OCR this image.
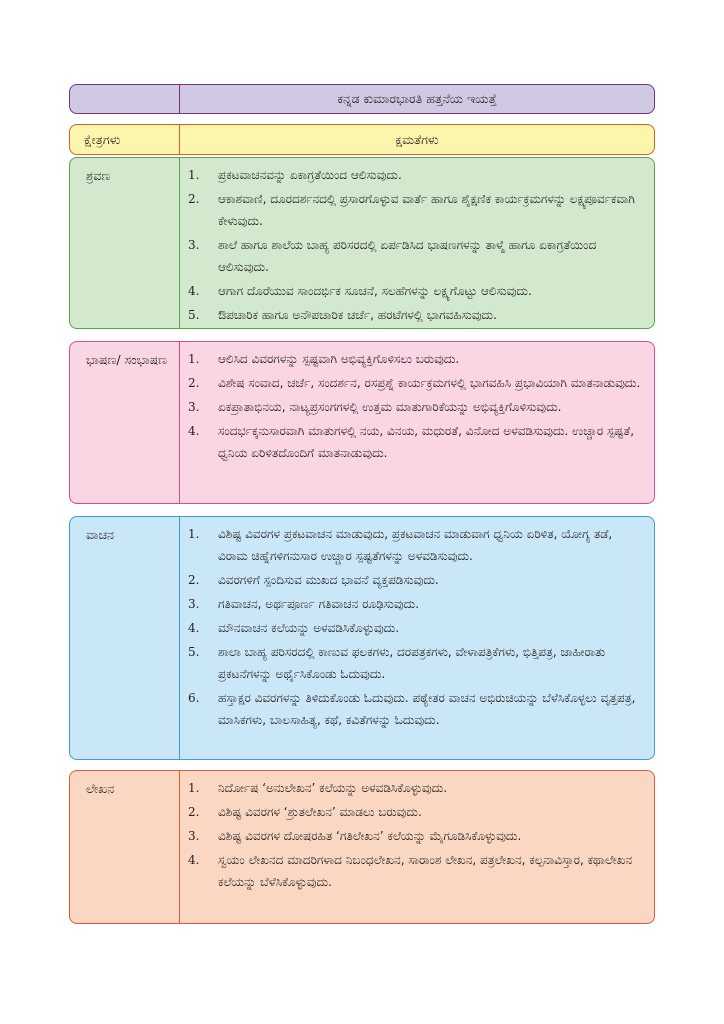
ಕನ್ನಡ ಕುಮಾರಭಾರತಿ ಹತ್ತನೆಯ ಇಯತ್ತೆ
ಕ್ಷೇತ್ರಗಳು	ಕ್ಷಮತೆಗಳು
ಶ್ರವಣ	1.	ಪ್ರಕಟವಾಚನವನ್ನು ಏಕಾಗ್ರತೆಯಿಂದ ಆಲಿಸುವುದು.
2.	ಆಕಾಶವಾಣಿ, ದೂರದರ್ಶನದಲ್ಲಿ ಪ್ರಸಾರಗೊಳ್ಳುವ ವಾರ್ತೆ ಹಾಗೂ ಶೈಕ್ಷಣಿಕ ಕಾರ್ಯಕ್ರಮಗಳನ್ನು ಲಕ್ಷ್ಯಪೂರ್ವಕವಾಗಿ ಕೇಳುವುದು.
3.	ಶಾಲೆ ಹಾಗೂ ಶಾಲೆಯ ಬಾಹ್ಯ ಪರಿಸರದಲ್ಲಿ ಏರ್ಪಡಿಸಿದ ಭಾಷಣಗಳನ್ನು ತಾಳ್ಮೆ ಹಾಗೂ ಏಕಾಗ್ರತೆಯಿಂದ ಆಲಿಸುವುದು.
4.	ಆಗಾಗ ದೊರೆಯುವ ಸಾಂದರ್ಭಿಕ ಸೂಚನೆ, ಸಲಹೆಗಳನ್ನು ಲಕ್ಷ್ಯಗೊಟ್ಟು ಆಲಿಸುವುದು.
5.	ಔಪಚಾರಿಕ ಹಾಗೂ ಅನೌಪಚಾರಿಕ ಚರ್ಚೆ, ಹರಟೆಗಳಲ್ಲಿ ಭಾಗವಹಿಸುವುದು.
ಭಾಷಣ/ ಸಂಭಾಷಣ	1.	ಆಲಿಸಿದ ವಿವರಗಳನ್ನು ಸ್ಪಷ್ಟವಾಗಿ ಅಭಿವ್ಯಕ್ತಿಗೊಳಿಸಲು ಬರುವುದು.
2.	ವಿಶೇಷ ಸಂವಾದ, ಚರ್ಚೆ, ಸಂದರ್ಶನ, ರಸಪ್ರಶ್ನೆ ಕಾರ್ಯಕ್ರಮಗಳಲ್ಲಿ ಭಾಗವಹಿಸಿ ಪ್ರಭಾವಿಯಾಗಿ ಮಾತನಾಡುವುದು.
3.	ಏಕಪ್ರಾತಾಭಿನಯ, ನಾಟ್ಯಪ್ರಸಂಗಗಳಲ್ಲಿ ಉತ್ತಮ ಮಾತುಗಾರಿಕೆಯನ್ನು ಅಭಿವ್ಯಕ್ತಿಗೊಳಿಸುವುದು.
4.	ಸಂದರ್ಭಕ್ಕನುಸಾರವಾಗಿ ಮಾತುಗಳಲ್ಲಿ ನಯ, ವಿನಯ, ಮಧುರತೆ, ವಿನೋದ ಅಳವಡಿಸುವುದು. ಉಚ್ಚಾರ ಸ್ಪಷ್ಟತೆ, ಧ್ವನಿಯ ಏರಿಳಿತದೊಂದಿಗೆ ಮಾತನಾಡುವುದು.
ವಾಚನ	1.	ವಿಶಿಷ್ಟ ವಿವರಗಳ ಪ್ರಕಟವಾಚನ ಮಾಡುವುದು, ಪ್ರಕಟವಾಚನ ಮಾಡುವಾಗ ಧ್ವನಿಯ ಏರಿಳಿತ, ಯೋಗ್ಯ ತಡೆ, ವಿರಾಮ ಚಿಹ್ನೆಗಳಿಗನುಸಾರ ಉಚ್ಚಾರ ಸ್ಪಷ್ಟತೆಗಳನ್ನು ಅಳವಡಿಸುವುದು.
2.	ವಿವರಗಳಿಗೆ ಸ್ಪಂದಿಸುವ ಮುಖದ ಭಾವನೆ ವ್ಯಕ್ತಪಡಿಸುವುದು.
3.	ಗತಿವಾಚನ, ಅರ್ಥಪೂರ್ಣ ಗತಿವಾಚನ ರೂಢಿಸುವುದು.
4.	ಮೌನವಾಚನ ಕಲೆಯನ್ನು ಅಳವಡಿಸಿಕೊಳ್ಳುವುದು.
5.	ಶಾಲಾ ಬಾಹ್ಯ ಪರಿಸರದಲ್ಲಿ ಕಾಣುವ ಫಲಕಗಳು, ದರಪತ್ರಕಗಳು, ವೇಳಾಪತ್ರಿಕೆಗಳು, ಭಿತ್ತಿಪತ್ರ, ಜಾಹೀರಾತು ಪ್ರಕಟನೆಗಳನ್ನು ಅರ್ಥೈಸಿಕೊಂಡು ಓದುವುದು.
6.	ಹಸ್ತಾಕ್ಷರ ವಿವರಗಳನ್ನು ತಿಳಿದುಕೊಂಡು ಓದುವುದು. ಪಠ್ಯೇತರ ವಾಚನ ಅಭಿರುಚಿಯನ್ನು ಬೆಳೆಸಿಕೊಳ್ಳಲು ವೃತ್ತಪತ್ರ, ಮಾಸಿಕಗಳು, ಬಾಲಸಾಹಿತ್ಯ, ಕಥೆ, ಕವಿತೆಗಳನ್ನು ಓದುವುದು.
ಲೇಖನ	1.	ನಿರ್ದೋಷ ‘ಅನುಲೇಖನ’ ಕಲೆಯನ್ನು ಅಳವಡಿಸಿಕೊಳ್ಳುವುದು.
2.	ವಿಶಿಷ್ಟ ವಿವರಗಳ ‘ಶ್ರುತಲೇಖನ’ ಮಾಡಲು ಬರುವುದು.
3.	ವಿಶಿಷ್ಟ ವಿವರಗಳ ದೋಷರಹಿತ ‘ಗತಿಲೇಖನ’ ಕಲೆಯನ್ನು ಮೈಗೂಡಿಸಿಕೊಳ್ಳುವುದು.
4.	ಸ್ವಯಂ ಲೇಖನದ ಮಾದರಿಗಳಾದ ನಿಬಂಧಲೇಖನ, ಸಾರಾಂಶ ಲೇಖನ, ಪತ್ರಲೇಖನ, ಕಲ್ಪನಾವಿಸ್ತಾರ, ಕಥಾಲೇಖನ ಕಲೆಯನ್ನು ಬೆಳೆಸಿಕೊಳ್ಳುವುದು.
